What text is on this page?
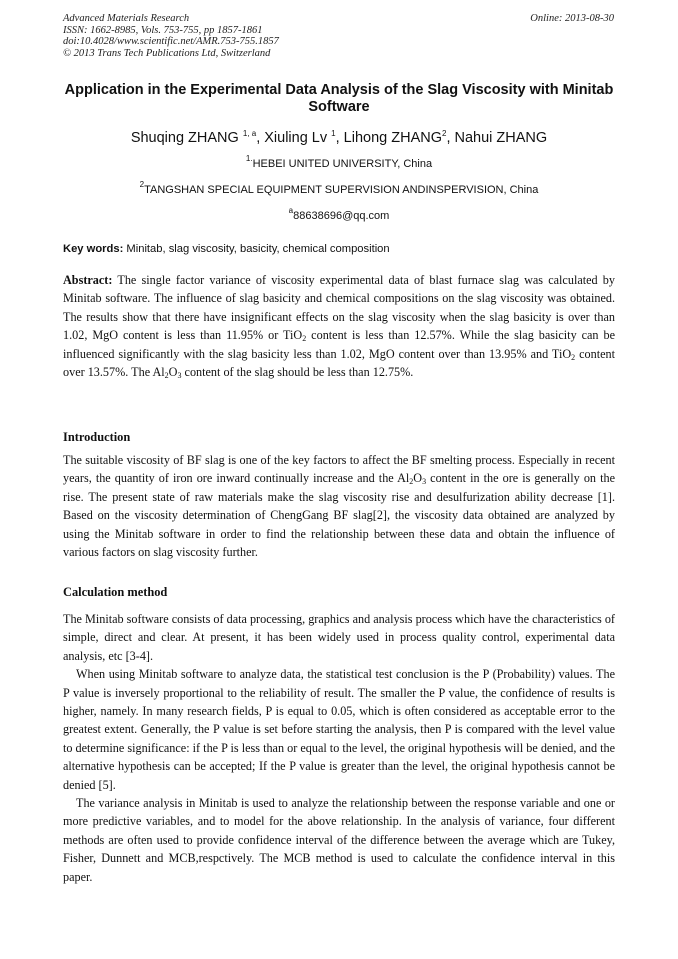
Advanced Materials Research
ISSN: 1662-8985, Vols. 753-755, pp 1857-1861
doi:10.4028/www.scientific.net/AMR.753-755.1857
© 2013 Trans Tech Publications Ltd, Switzerland
Online: 2013-08-30
Application in the Experimental Data Analysis of the Slag Viscosity with Minitab Software
Shuqing ZHANG $^{1, a}$, Xiuling Lv $^1$, Lihong ZHANG$^2$, Nahui ZHANG
$^{1.}$HEBEI UNITED UNIVERSITY, China
$^2$TANGSHAN SPECIAL EQUIPMENT SUPERVISION ANDINSPERVISION, China
$^a$88638696@qq.com
Key words: Minitab, slag viscosity, basicity, chemical composition

Abstract: The single factor variance of viscosity experimental data of blast furnace slag was calculated by Minitab software. The influence of slag basicity and chemical compositions on the slag viscosity was obtained. The results show that there have insignificant effects on the slag viscosity when the slag basicity is over than 1.02, MgO content is less than 11.95% or TiO$_2$ content is less than 12.57%. While the slag basicity can be influenced significantly with the slag basicity less than 1.02, MgO content over than 13.95% and TiO$_2$ content over 13.57%. The $Al_2O_3$ content of the slag should be less than 12.75%.

Introduction

The suitable viscosity of BF slag is one of the key factors to affect the BF smelting process. Especially in recent years, the quantity of iron ore inward continually increase and the $Al_2O_3$ content in the ore is generally on the rise. The present state of raw materials make the slag viscosity rise and desulfurization ability decrease [1]. Based on the viscosity determination of ChengGang BF slag[2], the viscosity data obtained are analyzed by using the Minitab software in order to find the relationship between these data and obtain the influence of various factors on slag viscosity further.

Calculation method

The Minitab software consists of data processing, graphics and analysis process which have the characteristics of simple, direct and clear. At present, it has been widely used in process quality control, experimental data analysis, etc [3-4].

When using Minitab software to analyze data, the statistical test conclusion is the P (Probability) values. The P value is inversely proportional to the reliability of result. The smaller the P value, the confidence of results is higher, namely. In many research fields, P is equal to 0.05, which is often considered as acceptable error to the greatest extent. Generally, the P value is set before starting the analysis, then P is compared with the level value to determine significance: if the P is less than or equal to the level, the original hypothesis will be denied, and the alternative hypothesis can be accepted; If the P value is greater than the level, the original hypothesis cannot be denied [5].

The variance analysis in Minitab is used to analyze the relationship between the response variable and one or more predictive variables, and to model for the above relationship. In the analysis of variance, four different methods are often used to provide confidence interval of the difference between the average which are Tukey, Fisher, Dunnett and MCB,respctively. The MCB method is used to calculate the confidence interval in this paper.
